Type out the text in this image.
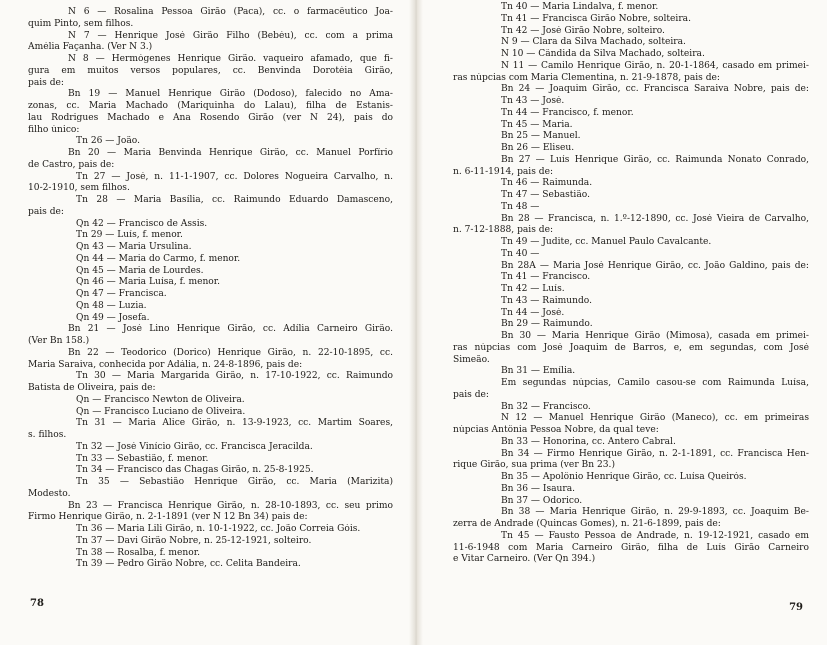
N 6 — Rosalina Pessoa Girão (Paca), cc. o farmacêutico Joa-
quim Pinto, sem filhos.
N 7 — Henrique José Girão Filho (Bebéu), cc. com a prima
Amélia Façanha. (Ver N 3.)
N 8 — Hermógenes Henrique Girão. vaqueiro afamado, que fi-
gura em muitos versos populares, cc. Benvinda Dorotéia Girão,
pais de:
Bn 19 — Manuel Henrique Girão (Dodoso), falecido no Ama-
zonas, cc. Maria Machado (Mariquinha do Lalau), filha de Estanis-
lau Rodrigues Machado e Ana Rosendo Girão (ver N 24), pais do
filho único:
Tn 26 — João.
Bn 20 — Maria Benvinda Henrique Girão, cc. Manuel Porfírio
de Castro, pais de:
Tn 27 — José, n. 11-1-1907, cc. Dolores Nogueira Carvalho, n.
10-2-1910, sem filhos.
Tn 28 — Maria Basília, cc. Raimundo Eduardo Damasceno,
pais de:
Qn 42 — Francisco de Assis.
Tn 29 — Luís, f. menor.
Qn 43 — Maria Ursulina.
Qn 44 — Maria do Carmo, f. menor.
Qn 45 — Maria de Lourdes.
Qn 46 — Maria Luísa, f. menor.
Qn 47 — Francisca.
Qn 48 — Luzia.
Qn 49 — Josefa.
Bn 21 — José Lino Henrique Girão, cc. Adília Carneiro Girão.
(Ver Bn 158.)
Bn 22 — Teodorico (Dorico) Henrique Girão, n. 22-10-1895, cc.
Maria Saraiva, conhecida por Adália, n. 24-8-1896, pais de:
Tn 30 — Maria Margarida Girão, n. 17-10-1922, cc. Raimundo
Batista de Oliveira, pais de:
Qn — Francisco Newton de Oliveira.
Qn — Francisco Luciano de Oliveira.
Tn 31 — Maria Alice Girão, n. 13-9-1923, cc. Martim Soares,
s. filhos.
Tn 32 — José Vinício Girão, cc. Francisca Jeracilda.
Tn 33 — Sebastião, f. menor.
Tn 34 — Francisco das Chagas Girão, n. 25-8-1925.
Tn 35 — Sebastião Henrique Girão, cc. Maria (Marizita)
Modesto.
Bn 23 — Francisca Henrique Girão, n. 28-10-1893, cc. seu primo
Firmo Henrique Girão, n. 2-1-1891 (ver N 12 Bn 34) pais de:
Tn 36 — Maria Lili Girão, n. 10-1-1922, cc. João Correia Góis.
Tn 37 — Davi Girão Nobre, n. 25-12-1921, solteiro.
Tn 38 — Rosalba, f. menor.
Tn 39 — Pedro Girão Nobre, cc. Celita Bandeira.
78
Tn 40 — Maria Lindalva, f. menor.
Tn 41 — Francisca Girão Nobre, solteira.
Tn 42 — José Girão Nobre, solteiro.
N 9 — Clara da Silva Machado, solteira.
N 10 — Cândida da Silva Machado, solteira.
N 11 — Camilo Henrique Girão, n. 20-1-1864, casado em primei-
ras núpcias com Maria Clementina, n. 21-9-1878, pais de:
Bn 24 — Joaquim Girão, cc. Francisca Saraiva Nobre, pais de:
Tn 43 — José.
Tn 44 — Francisco, f. menor.
Tn 45 — Maria.
Bn 25 — Manuel.
Bn 26 — Eliseu.
Bn 27 — Luís Henrique Girão, cc. Raimunda Nonato Conrado,
n. 6-11-1914, pais de:
Tn 46 — Raimunda.
Tn 47 — Sebastião.
Tn 48 —
Bn 28 — Francisca, n. 1.º-12-1890, cc. José Vieira de Carvalho,
n. 7-12-1888, pais de:
Tn 49 — Judite, cc. Manuel Paulo Cavalcante.
Tn 40 —
Bn 28A — Maria José Henrique Girão, cc. João Galdino, pais de:
Tn 41 — Francisco.
Tn 42 — Luís.
Tn 43 — Raimundo.
Tn 44 — José.
Bn 29 — Raimundo.
Bn 30 — Maria Henrique Girão (Mimosa), casada em primei-
ras núpcias com José Joaquim de Barros, e, em segundas, com José
Simeão.
Bn 31 — Emília.
Em segundas núpcias, Camilo casou-se com Raimunda Luísa,
pais de:
Bn 32 — Francisco.
N 12 — Manuel Henrique Girão (Maneco), cc. em primeiras
núpcias Antônia Pessoa Nobre, da qual teve:
Bn 33 — Honorina, cc. Antero Cabral.
Bn 34 — Firmo Henrique Girão, n. 2-1-1891, cc. Francisca Hen-
rique Girão, sua prima (ver Bn 23.)
Bn 35 — Apolônio Henrique Girão, cc. Luísa Queirós.
Bn 36 — Isaura.
Bn 37 — Odorico.
Bn 38 — Maria Henrique Girão, n. 29-9-1893, cc. Joaquim Be-
zerra de Andrade (Quincas Gomes), n. 21-6-1899, pais de:
Tn 45 — Fausto Pessoa de Andrade, n. 19-12-1921, casado em
11-6-1948 com Maria Carneiro Girão, filha de Luís Girão Carneiro
e Vitar Carneiro. (Ver Qn 394.)
79
